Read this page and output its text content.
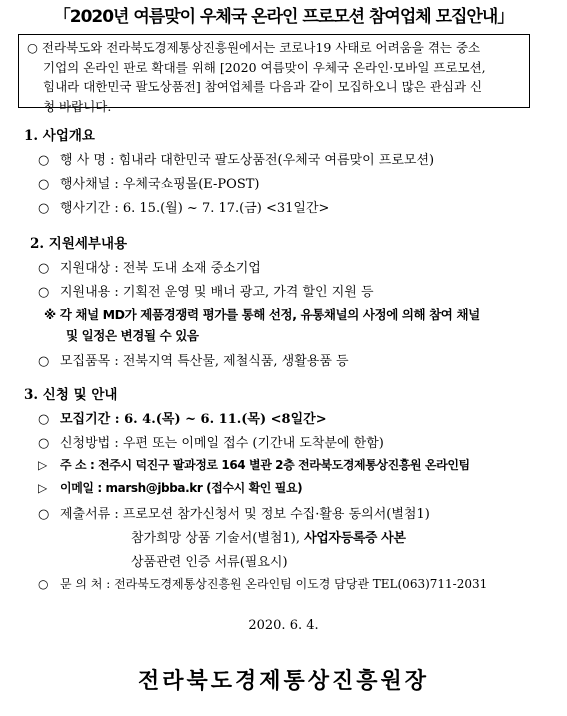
「2020년 여름맞이 우체국 온라인 프로모션 참여업체 모집안내」
○ 전라북도와 전라북도경제통상진흥원에서는 코로나19 사태로 어려움을 겪는 중소
기업의 온라인 판로 확대를 위해 [2020 여름맞이 우체국 온라인·모바일 프로모션,
힘내라 대한민국 팔도상품전] 참여업체를 다음과 같이 모집하오니 많은 관심과 신
청 바랍니다.
1. 사업개요
○ 행 사 명 : 힘내라 대한민국 팔도상품전(우체국 여름맞이 프로모션)
○ 행사채널 : 우체국쇼핑몰(E-POST)
○ 행사기간 : 6. 15.(월) ~ 7. 17.(금) <31일간>
2. 지원세부내용
○ 지원대상 : 전북 도내 소재 중소기업
○ 지원내용 : 기획전 운영 및 배너 광고, 가격 할인 지원 등
※ 각 채널 MD가 제품경쟁력 평가를 통해 선정, 유통채널의 사정에 의해 참여 채널
및 일정은 변경될 수 있음
○ 모집품목 : 전북지역 특산물, 제철식품, 생활용품 등
3. 신청 및 안내
○ 모집기간 : 6. 4.(목) ~ 6. 11.(목) <8일간>
○ 신청방법 : 우편 또는 이메일 접수 (기간내 도착분에 한함)
▷ 주 소 : 전주시 덕진구 팔과정로 164 별관 2층 전라북도경제통상진흥원 온라인팀
▷ 이메일 : marsh@jbba.kr (접수시 확인 필요)
○ 제출서류 : 프로모션 참가신청서 및 정보 수집·활용 동의서(별첨1)
참가희망 상품 기술서(별첨1), 사업자등록증 사본
상품관련 인증 서류(필요시)
○ 문 의 처 : 전라북도경제통상진흥원 온라인팀 이도경 담당관 TEL(063)711-2031
2020. 6. 4.
전라북도경제통상진흥원장
